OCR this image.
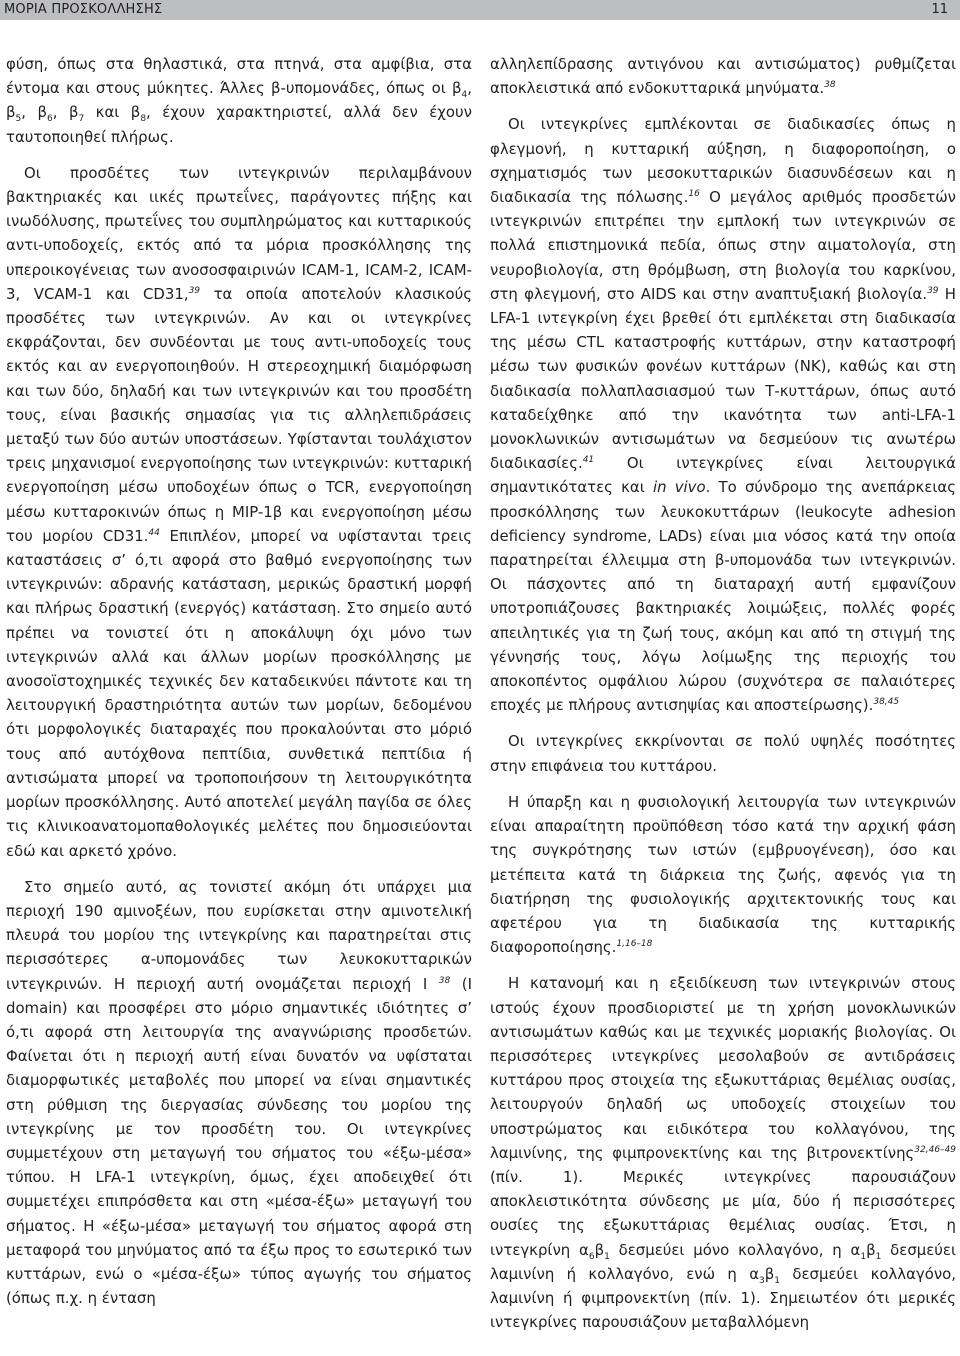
ΜΟΡΙΑ ΠΡΟΣΚΟΛΛΗΣΗΣ	11

φύση, όπως στα θηλαστικά, στα πτηνά, στα αμφίβια, στα έντομα και στους μύκητες. Άλλες β-υπομονάδες, όπως οι $\beta_4$, $\beta_5$, $\beta_6$, $\beta_7$ και $\beta_8$, έχουν χαρακτηριστεί, αλλά δεν έχουν ταυτοποιηθεί πλήρως.

Οι προσδέτες των ιντεγκρινών περιλαμβάνουν βακτηριακές και ιικές πρωτεΐνες, παράγοντες πήξης και ινωδόλυσης, πρωτεΐνες του συμπληρώματος και κυτταρικούς αντι-υποδοχείς, εκτός από τα μόρια προσκόλλησης της υπεροικογένειας των ανοσοσφαιρινών ICAM-1, ICAM-2, ICAM-3, VCAM-1 και CD31,39 τα οποία αποτελούν κλασικούς προσδέτες των ιντεγκρινών. Αν και οι ιντεγκρίνες εκφράζονται, δεν συνδέονται με τους αντι-υποδοχείς τους εκτός και αν ενεργοποιηθούν. Η στερεοχημική διαμόρφωση και των δύο, δηλαδή και των ιντεγκρινών και του προσδέτη τους, είναι βασικής σημασίας για τις αλληλεπιδράσεις μεταξύ των δύο αυτών υποστάσεων. Υφίστανται τουλάχιστον τρεις μηχανισμοί ενεργοποίησης των ιντεγκρινών: κυτταρική ενεργοποίηση μέσω υποδοχέων όπως ο TCR, ενεργοποίηση μέσω κυτταροκινών όπως η MIP-1β και ενεργοποίηση μέσω του μορίου CD31.44 Επιπλέον, μπορεί να υφίστανται τρεις καταστάσεις σ’ ό,τι αφορά στο βαθμό ενεργοποίησης των ιντεγκρινών: αδρανής κατάσταση, μερικώς δραστική μορφή και πλήρως δραστική (ενεργός) κατάσταση. Στο σημείο αυτό πρέπει να τονιστεί ότι η αποκάλυψη όχι μόνο των ιντεγκρινών αλλά και άλλων μορίων προσκόλλησης με ανοσοϊστοχημικές τεχνικές δεν καταδεικνύει πάντοτε και τη λειτουργική δραστηριότητα αυτών των μορίων, δεδομένου ότι μορφολογικές διαταραχές που προκαλούνται στο μόριό τους από αυτόχθονα πεπτίδια, συνθετικά πεπτίδια ή αντισώματα μπορεί να τροποποιήσουν τη λειτουργικότητα μορίων προσκόλλησης. Αυτό αποτελεί μεγάλη παγίδα σε όλες τις κλινικοανατομοπαθολογικές μελέτες που δημοσιεύονται εδώ και αρκετό χρόνο.

Στο σημείο αυτό, ας τονιστεί ακόμη ότι υπάρχει μια περιοχή 190 αμινοξέων, που ευρίσκεται στην αμινοτελική πλευρά του μορίου της ιντεγκρίνης και παρατηρείται στις περισσότερες α-υπομονάδες των λευκοκυτταρικών ιντεγκρινών. Η περιοχή αυτή ονομάζεται περιοχή Ι $^{38}$ (I domain) και προσφέρει στο μόριο σημαντικές ιδιότητες σ’ ό,τι αφορά στη λειτουργία της αναγνώρισης προσδετών. Φαίνεται ότι η περιοχή αυτή είναι δυνατόν να υφίσταται διαμορφωτικές μεταβολές που μπορεί να είναι σημαντικές στη ρύθμιση της διεργασίας σύνδεσης του μορίου της ιντεγκρίνης με τον προσδέτη του. Οι ιντεγκρίνες συμμετέχουν στη μεταγωγή του σήματος του «έξω-μέσα» τύπου. Η LFA-1 ιντεγκρίνη, όμως, έχει αποδειχθεί ότι συμμετέχει επιπρόσθετα και στη «μέσα-έξω» μεταγωγή του σήματος. Η «έξω-μέσα» μεταγωγή του σήματος αφορά στη μεταφορά του μηνύματος από τα έξω προς το εσωτερικό των κυττάρων, ενώ ο «μέσα-έξω» τύπος αγωγής του σήματος (όπως π.χ. η ένταση

αλληλεπίδρασης αντιγόνου και αντισώματος) ρυθμίζεται αποκλειστικά από ενδοκυτταρικά μηνύματα.$^{38}$

Οι ιντεγκρίνες εμπλέκονται σε διαδικασίες όπως η φλεγμονή, η κυτταρική αύξηση, η διαφοροποίηση, ο σχηματισμός των μεσοκυτταρικών διασυνδέσεων και η διαδικασία της πόλωσης.$^{16}$ Ο μεγάλος αριθμός προσδετών ιντεγκρινών επιτρέπει την εμπλοκή των ιντεγκρινών σε πολλά επιστημονικά πεδία, όπως στην αιματολογία, στη νευροβιολογία, στη θρόμβωση, στη βιολογία του καρκίνου, στη φλεγμονή, στο AIDS και στην αναπτυξιακή βιολογία.$^{39}$ Η LFA-1 ιντεγκρίνη έχει βρεθεί ότι εμπλέκεται στη διαδικασία της μέσω CTL καταστροφής κυττάρων, στην καταστροφή μέσω των φυσικών φονέων κυττάρων (NK), καθώς και στη διαδικασία πολλαπλασιασμού των Τ-κυττάρων, όπως αυτό καταδείχθηκε από την ικανότητα των anti-LFA-1 μονοκλωνικών αντισωμάτων να δεσμεύουν τις ανωτέρω διαδικασίες.$^{41}$ Οι ιντεγκρίνες είναι λειτουργικά σημαντικότατες και in vivo. Το σύνδρομο της ανεπάρκειας προσκόλλησης των λευκοκυττάρων (leukocyte adhesion deficiency syndrome, LADs) είναι μια νόσος κατά την οποία παρατηρείται έλλειμμα στη β-υπομονάδα των ιντεγκρινών. Οι πάσχοντες από τη διαταραχή αυτή εμφανίζουν υποτροπιάζουσες βακτηριακές λοιμώξεις, πολλές φορές απειλητικές για τη ζωή τους, ακόμη και από τη στιγμή της γέννησής τους, λόγω λοίμωξης της περιοχής του αποκοπέντος ομφάλιου λώρου (συχνότερα σε παλαιότερες εποχές με πλήρους αντισηψίας και αποστείρωσης).$^{38,45}$

Οι ιντεγκρίνες εκκρίνονται σε πολύ υψηλές ποσότητες στην επιφάνεια του κυττάρου.

Η ύπαρξη και η φυσιολογική λειτουργία των ιντεγκρινών είναι απαραίτητη προϋπόθεση τόσο κατά την αρχική φάση της συγκρότησης των ιστών (εμβρυογένεση), όσο και μετέπειτα κατά τη διάρκεια της ζωής, αφενός για τη διατήρηση της φυσιολογικής αρχιτεκτονικής τους και αφετέρου για τη διαδικασία της κυτταρικής διαφοροποίησης.$^{1,16-18}$

Η κατανομή και η εξειδίκευση των ιντεγκρινών στους ιστούς έχουν προσδιοριστεί με τη χρήση μονοκλωνικών αντισωμάτων καθώς και με τεχνικές μοριακής βιολογίας. Οι περισσότερες ιντεγκρίνες μεσολαβούν σε αντιδράσεις κυττάρου προς στοιχεία της εξωκυττάριας θεμέλιας ουσίας, λειτουργούν δηλαδή ως υποδοχείς στοιχείων του υποστρώματος και ειδικότερα του κολλαγόνου, της λαμινίνης, της φιμπρονεκτίνης και της βιτρονεκτίνης$^{32,46-49}$ (πίν. 1). Μερικές ιντεγκρίνες παρουσιάζουν αποκλειστικότητα σύνδεσης με μία, δύο ή περισσότερες ουσίες της εξωκυττάριας θεμέλιας ουσίας. Έτσι, η ιντεγκρίνη $\alpha_6\beta_1$ δεσμεύει μόνο κολλαγόνο, η $\alpha_1\beta_1$ δεσμεύει λαμινίνη ή κολλαγόνο, ενώ η $\alpha_3\beta_1$ δεσμεύει κολλαγόνο, λαμινίνη ή φιμπρονεκτίνη (πίν. 1). Σημειωτέον ότι μερικές ιντεγκρίνες παρουσιάζουν μεταβαλλόμενη
